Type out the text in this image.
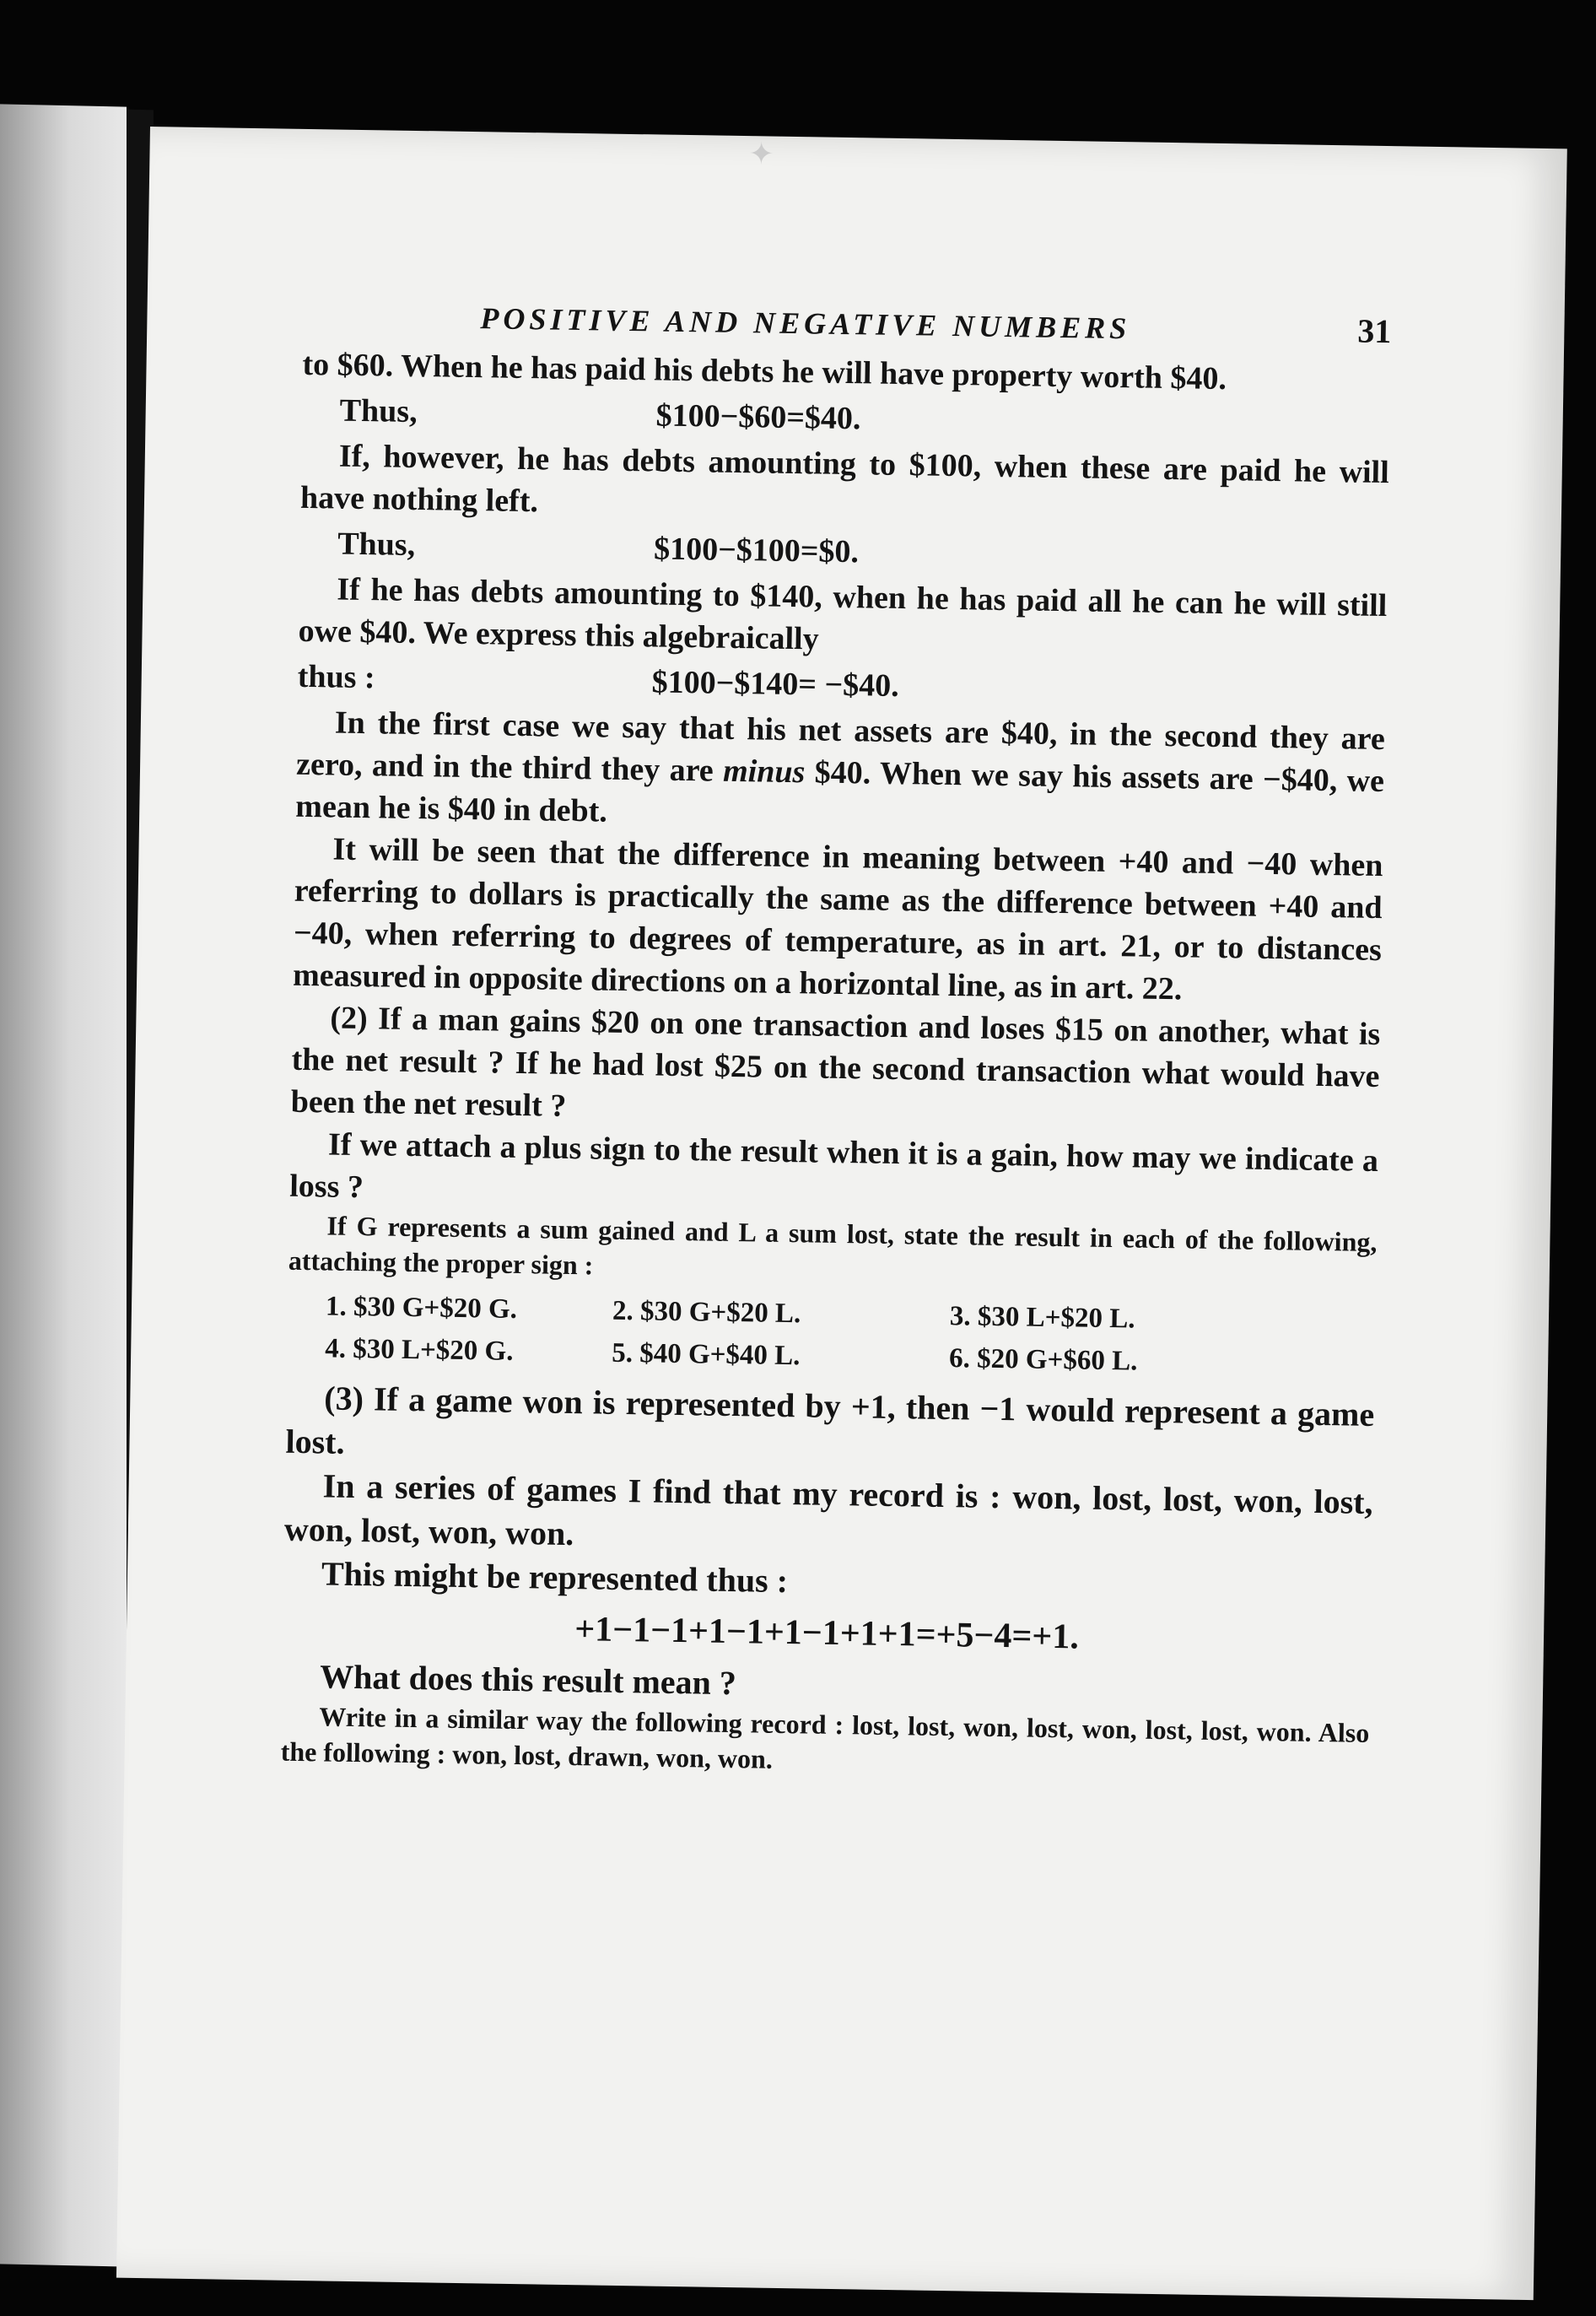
✦
POSITIVE AND NEGATIVE NUMBERS	31

to $60. When he has paid his debts he will have property worth $40.

Thus,	$100−$60=$40.

If, however, he has debts amounting to $100, when these are paid he will have nothing left.

Thus,	$100−$100=$0.

If he has debts amounting to $140, when he has paid all he can he will still owe $40. We express this algebraically

thus :	$100−$140= −$40.

In the first case we say that his net assets are $40, in the second they are zero, and in the third they are minus $40. When we say his assets are −$40, we mean he is $40 in debt.

It will be seen that the difference in meaning between +40 and −40 when referring to dollars is practically the same as the difference between +40 and −40, when referring to degrees of temperature, as in art. 21, or to distances measured in opposite directions on a horizontal line, as in art. 22.

(2) If a man gains $20 on one transaction and loses $15 on another, what is the net result ? If he had lost $25 on the second transaction what would have been the net result ?

If we attach a plus sign to the result when it is a gain, how may we indicate a loss ?

If G represents a sum gained and L a sum lost, state the result in each of the following, attaching the proper sign :

1. $30 G+$20 G.	2. $30 G+$20 L.	3. $30 L+$20 L.
4. $30 L+$20 G.	5. $40 G+$40 L.	6. $20 G+$60 L.

(3) If a game won is represented by +1, then −1 would represent a game lost.

In a series of games I find that my record is : won, lost, lost, won, lost, won, lost, won, won.

This might be represented thus :

+1−1−1+1−1+1−1+1+1=+5−4=+1.

What does this result mean ?

Write in a similar way the following record : lost, lost, won, lost, won, lost, lost, won. Also the following : won, lost, drawn, won, won.
